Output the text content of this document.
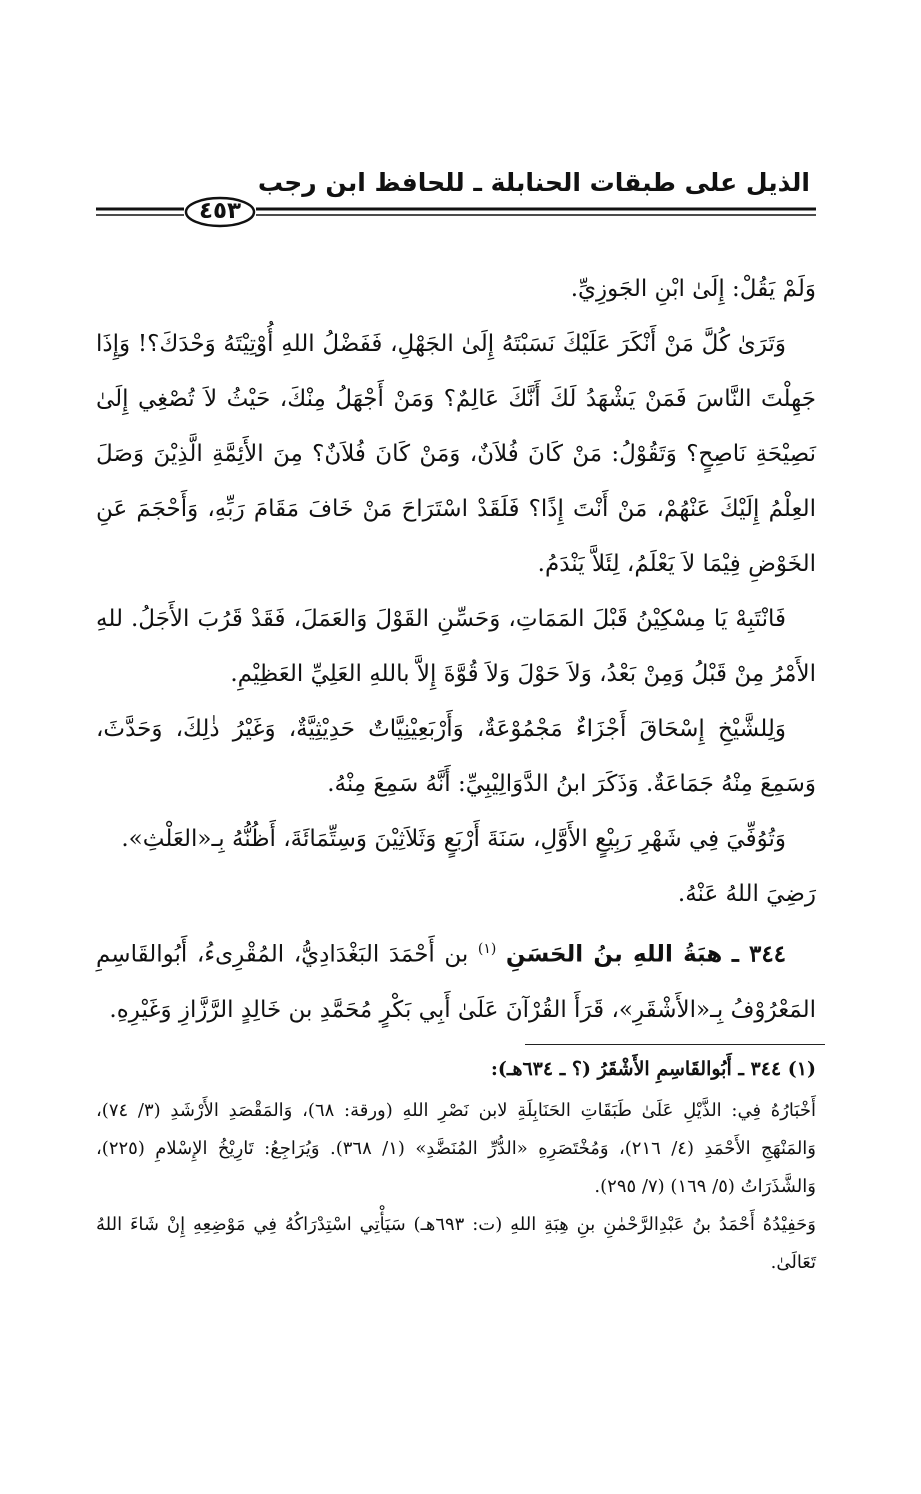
الذيل على طبقات الحنابلة ـ للحافظ ابن رجب
٤٥٣

وَلَمْ يَقُلْ: إِلَىٰ ابْنِ الجَوزِيِّ.

وَتَرَىٰ كُلَّ مَنْ أَنْكَرَ عَلَيْكَ نَسَبْتَهُ إِلَىٰ الجَهْلِ، فَفَضْلُ اللهِ أُوْتِيْتَهُ وَحْدَكَ؟! وَإِذَا جَهِلْتَ النَّاسَ فَمَنْ يَشْهَدُ لَكَ أَنَّكَ عَالِمٌ؟ وَمَنْ أَجْهَلُ مِنْكَ، حَيْثُ لاَ تُصْغِي إِلَىٰ نَصِيْحَةِ نَاصِحٍ؟ وَتَقُوْلُ: مَنْ كَانَ فُلاَنٌ، وَمَنْ كَانَ فُلاَنٌ؟ مِنَ الأَئِمَّةِ الَّذِيْنَ وَصَلَ العِلْمُ إِلَيْكَ عَنْهُمْ، مَنْ أَنْتَ إِذًا؟ فَلَقَدْ اسْتَرَاحَ مَنْ خَافَ مَقَامَ رَبِّهِ، وَأَحْجَمَ عَنِ الخَوْضِ فِيْمَا لاَ يَعْلَمُ، لِئَلاَّ يَنْدَمُ.

فَانْتَبِهْ يَا مِسْكِيْنُ قَبْلَ المَمَاتِ، وَحَسِّنِ القَوْلَ وَالعَمَلَ، فَقَدْ قَرُبَ الأَجَلُ. للهِ الأَمْرُ مِنْ قَبْلُ وَمِنْ بَعْدُ، وَلاَ حَوْلَ وَلاَ قُوَّةَ إِلاَّ باللهِ العَلِيِّ العَظِيْمِ.

وَلِلشَّيْخِ إِسْحَاقَ أَجْزَاءٌ مَجْمُوْعَةٌ، وَأَرْبَعِيْنِيَّاتٌ حَدِيْثِيَّةٌ، وَغَيْرُ ذٰلِكَ، وَحَدَّثَ، وَسَمِعَ مِنْهُ جَمَاعَةٌ. وَذَكَرَ ابنُ الدَّوَالِيْبِيِّ: أَنَّهُ سَمِعَ مِنْهُ.

وَتُوُفِّيَ فِي شَهْرِ رَبِيْعٍ الأَوَّلِ، سَنَةَ أَرْبَعٍ وَثَلاَثِيْنَ وَسِتِّمَائَةَ، أَظُنُّهُ بِـ«العَلْثِ».

رَضِيَ اللهُ عَنْهُ.

٣٤٤ ـ هبَةُ اللهِ بنُ الحَسَنِ $^{(١)}$ بن أَحْمَدَ البَغْدَادِيُّ، المُقْرِىءُ، أَبُوالقَاسِمِ المَعْرُوْفُ بِـ«الأَشْقَرِ»، قَرَأَ القُرْآنَ عَلَىٰ أَبِي بَكْرٍ مُحَمَّدِ بن خَالِدٍ الرَّزَّازِ وَغَيْرِهِ.

(١) ٣٤٤ ـ أَبُوالقَاسِمِ الأَشْقَرُ (؟ ـ ٦٣٤هـ):

أَخْبَارُهُ فِي: الذَّيْلِ عَلَىٰ طَبَقَاتِ الحَنَابِلَةِ لابن نَصْرِ اللهِ (ورقة: ٦٨)، وَالمَقْصَدِ الأَرْشَدِ (٣/ ٧٤)، وَالمَنْهَجِ الأَحْمَدِ (٤/ ٢١٦)، وَمُخْتَصَرِهِ «الدُّرِّ المُنَضَّدِ» (١/ ٣٦٨). وَيُرَاجِعُ: تَارِيْخُ الإِسْلامِ (٢٢٥)، وَالشَّذَرَاتُ (٥/ ١٦٩) (٧/ ٢٩٥).

وَحَفِيْدُهُ أَحْمَدُ بنُ عَبْدِالرَّحْمٰنِ بنِ هِبَةِ اللهِ (ت: ٦٩٣هـ) سَيَأْتِي اسْتِدْرَاكُهُ فِي مَوْضِعِهِ إِنْ شَاءَ اللهُ تَعَالَىٰ.
